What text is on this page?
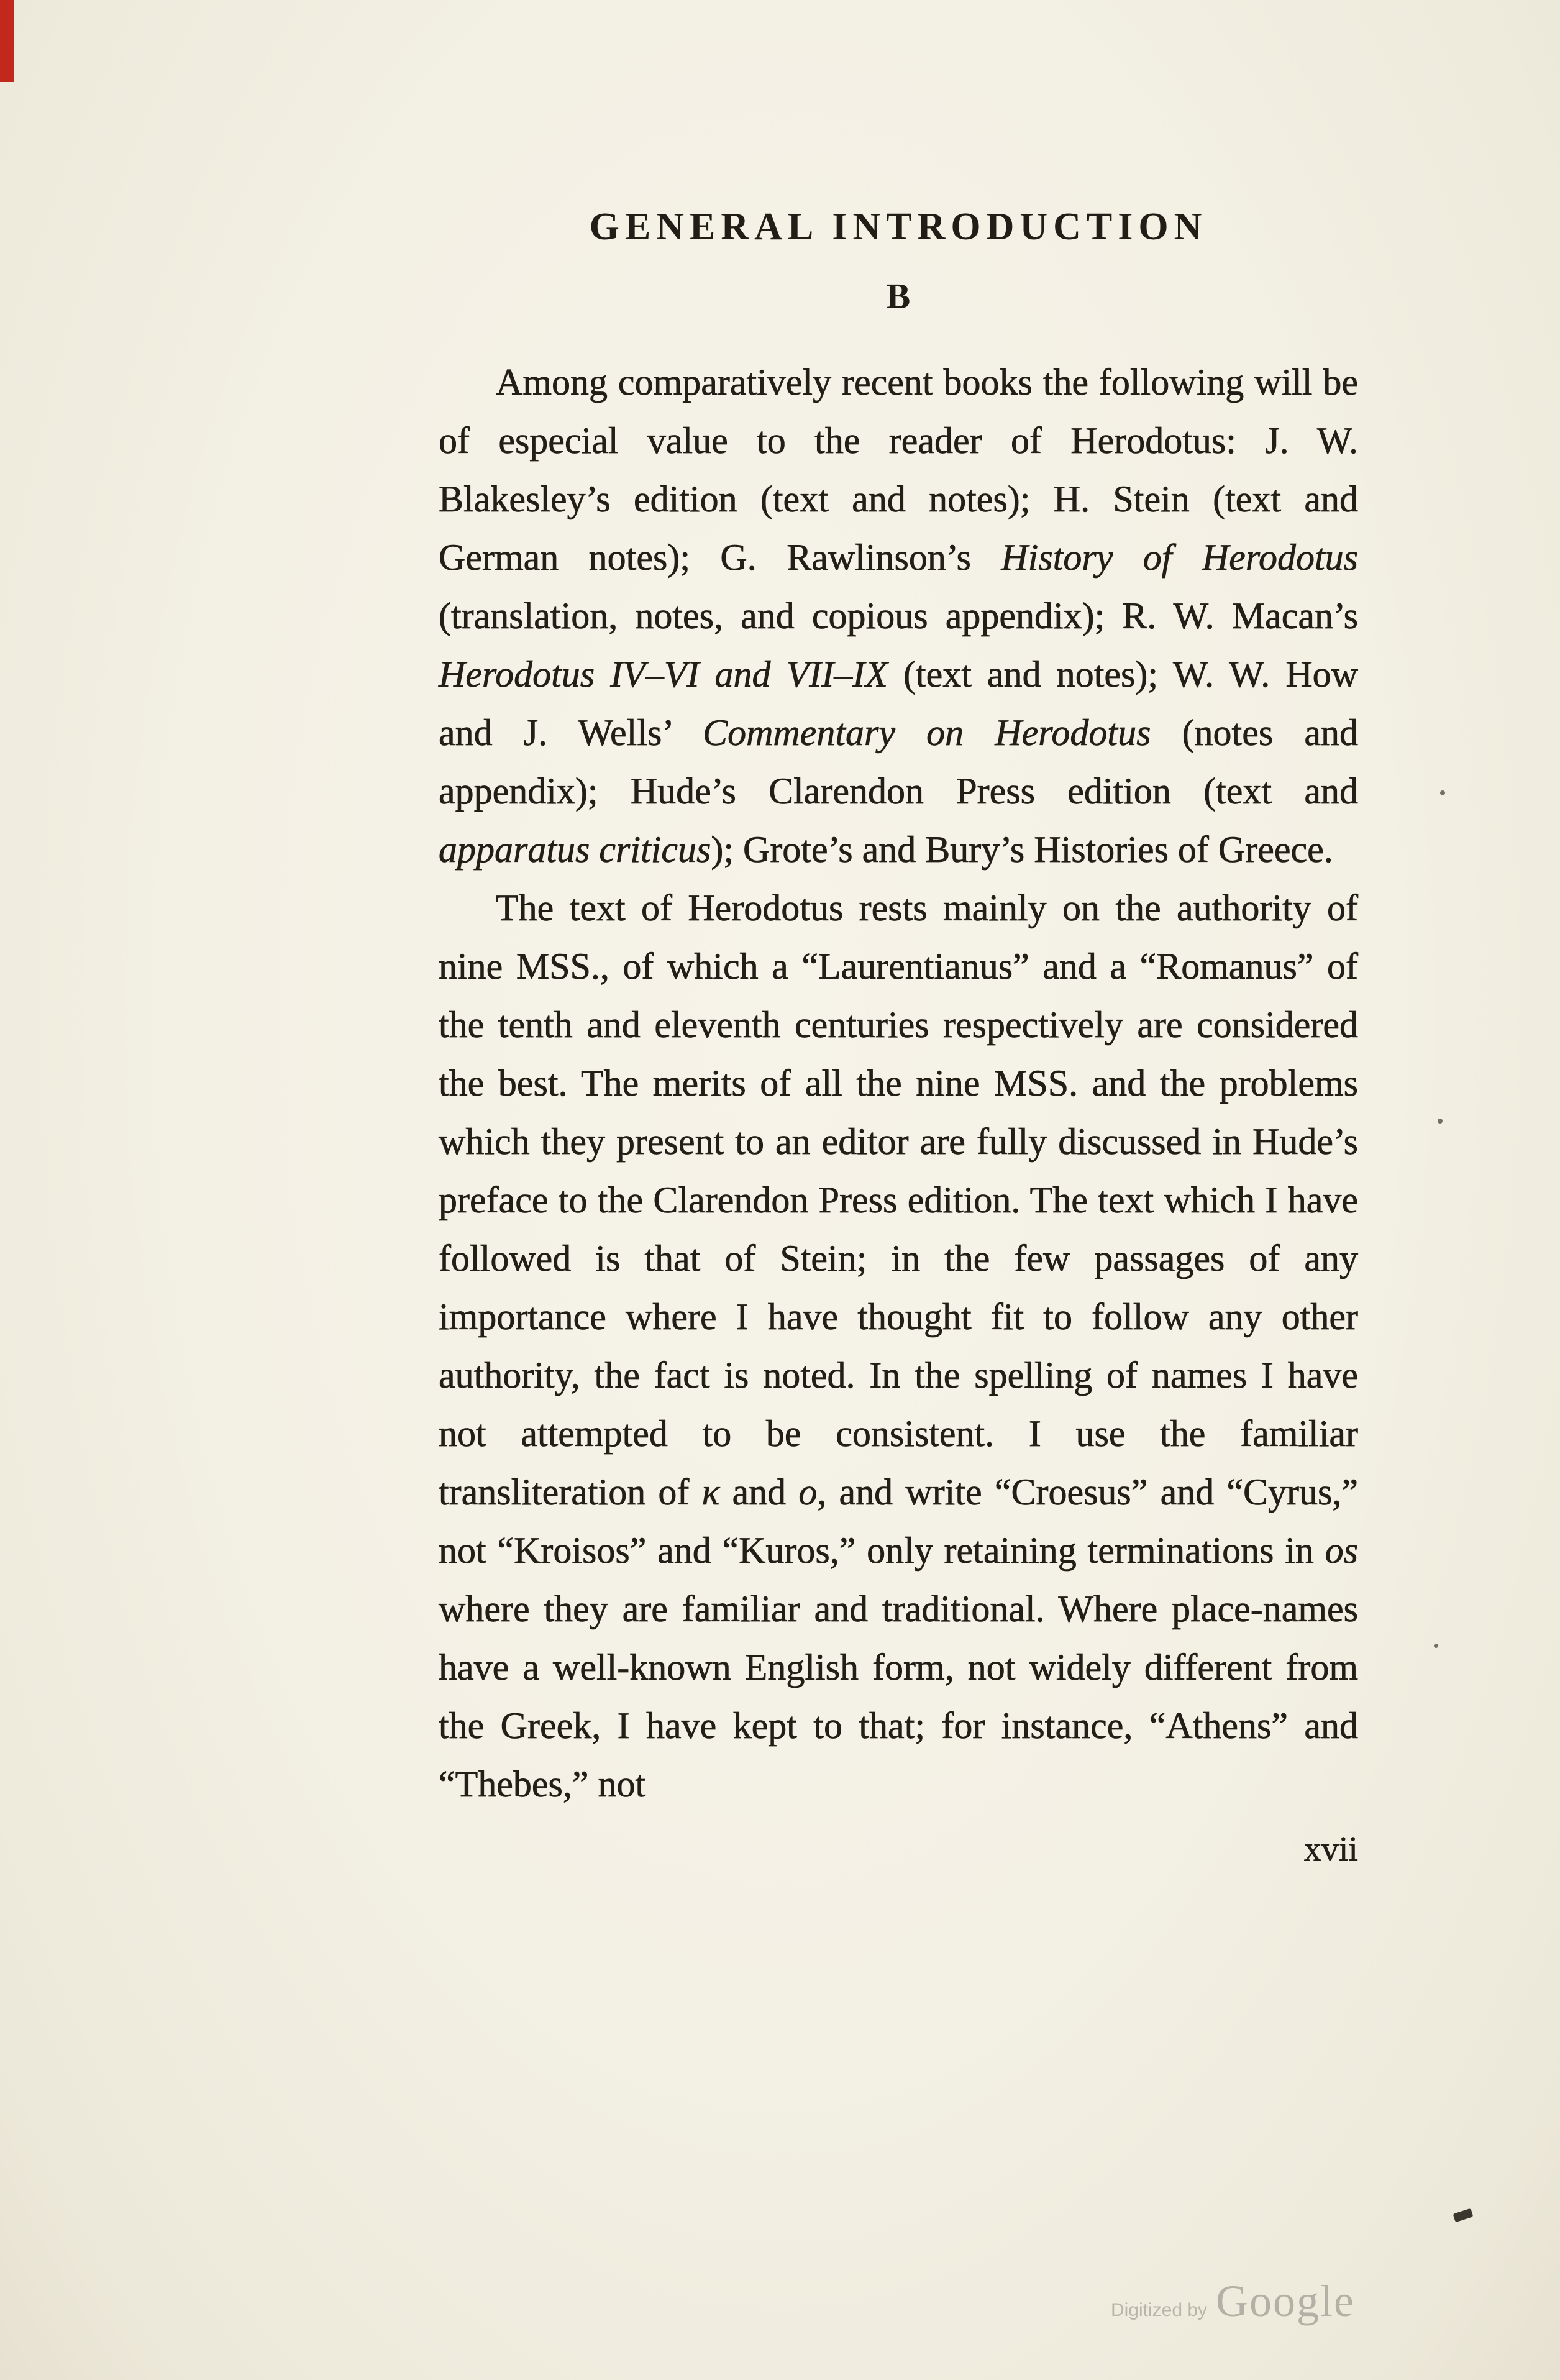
GENERAL INTRODUCTION
B

Among comparatively recent books the following will be of especial value to the reader of Herodotus: J. W. Blakesley’s edition (text and notes); H. Stein (text and German notes); G. Rawlinson’s History of Herodotus (translation, notes, and copious appendix); R. W. Macan’s Herodotus IV–VI and VII–IX (text and notes); W. W. How and J. Wells’ Commentary on Herodotus (notes and appendix); Hude’s Clarendon Press edition (text and apparatus criticus); Grote’s and Bury’s Histories of Greece.

The text of Herodotus rests mainly on the authority of nine MSS., of which a “Laurentianus” and a “Romanus” of the tenth and eleventh centuries respectively are considered the best. The merits of all the nine MSS. and the problems which they present to an editor are fully discussed in Hude’s preface to the Clarendon Press edition. The text which I have followed is that of Stein; in the few passages of any importance where I have thought fit to follow any other authority, the fact is noted. In the spelling of names I have not attempted to be consistent. I use the familiar transliteration of κ and o, and write “Croesus” and “Cyrus,” not “Kroisos” and “Kuros,” only retaining terminations in os where they are familiar and traditional. Where place-names have a well-known English form, not widely different from the Greek, I have kept to that; for instance, “Athens” and “Thebes,” not

xvii
Digitized by Google
